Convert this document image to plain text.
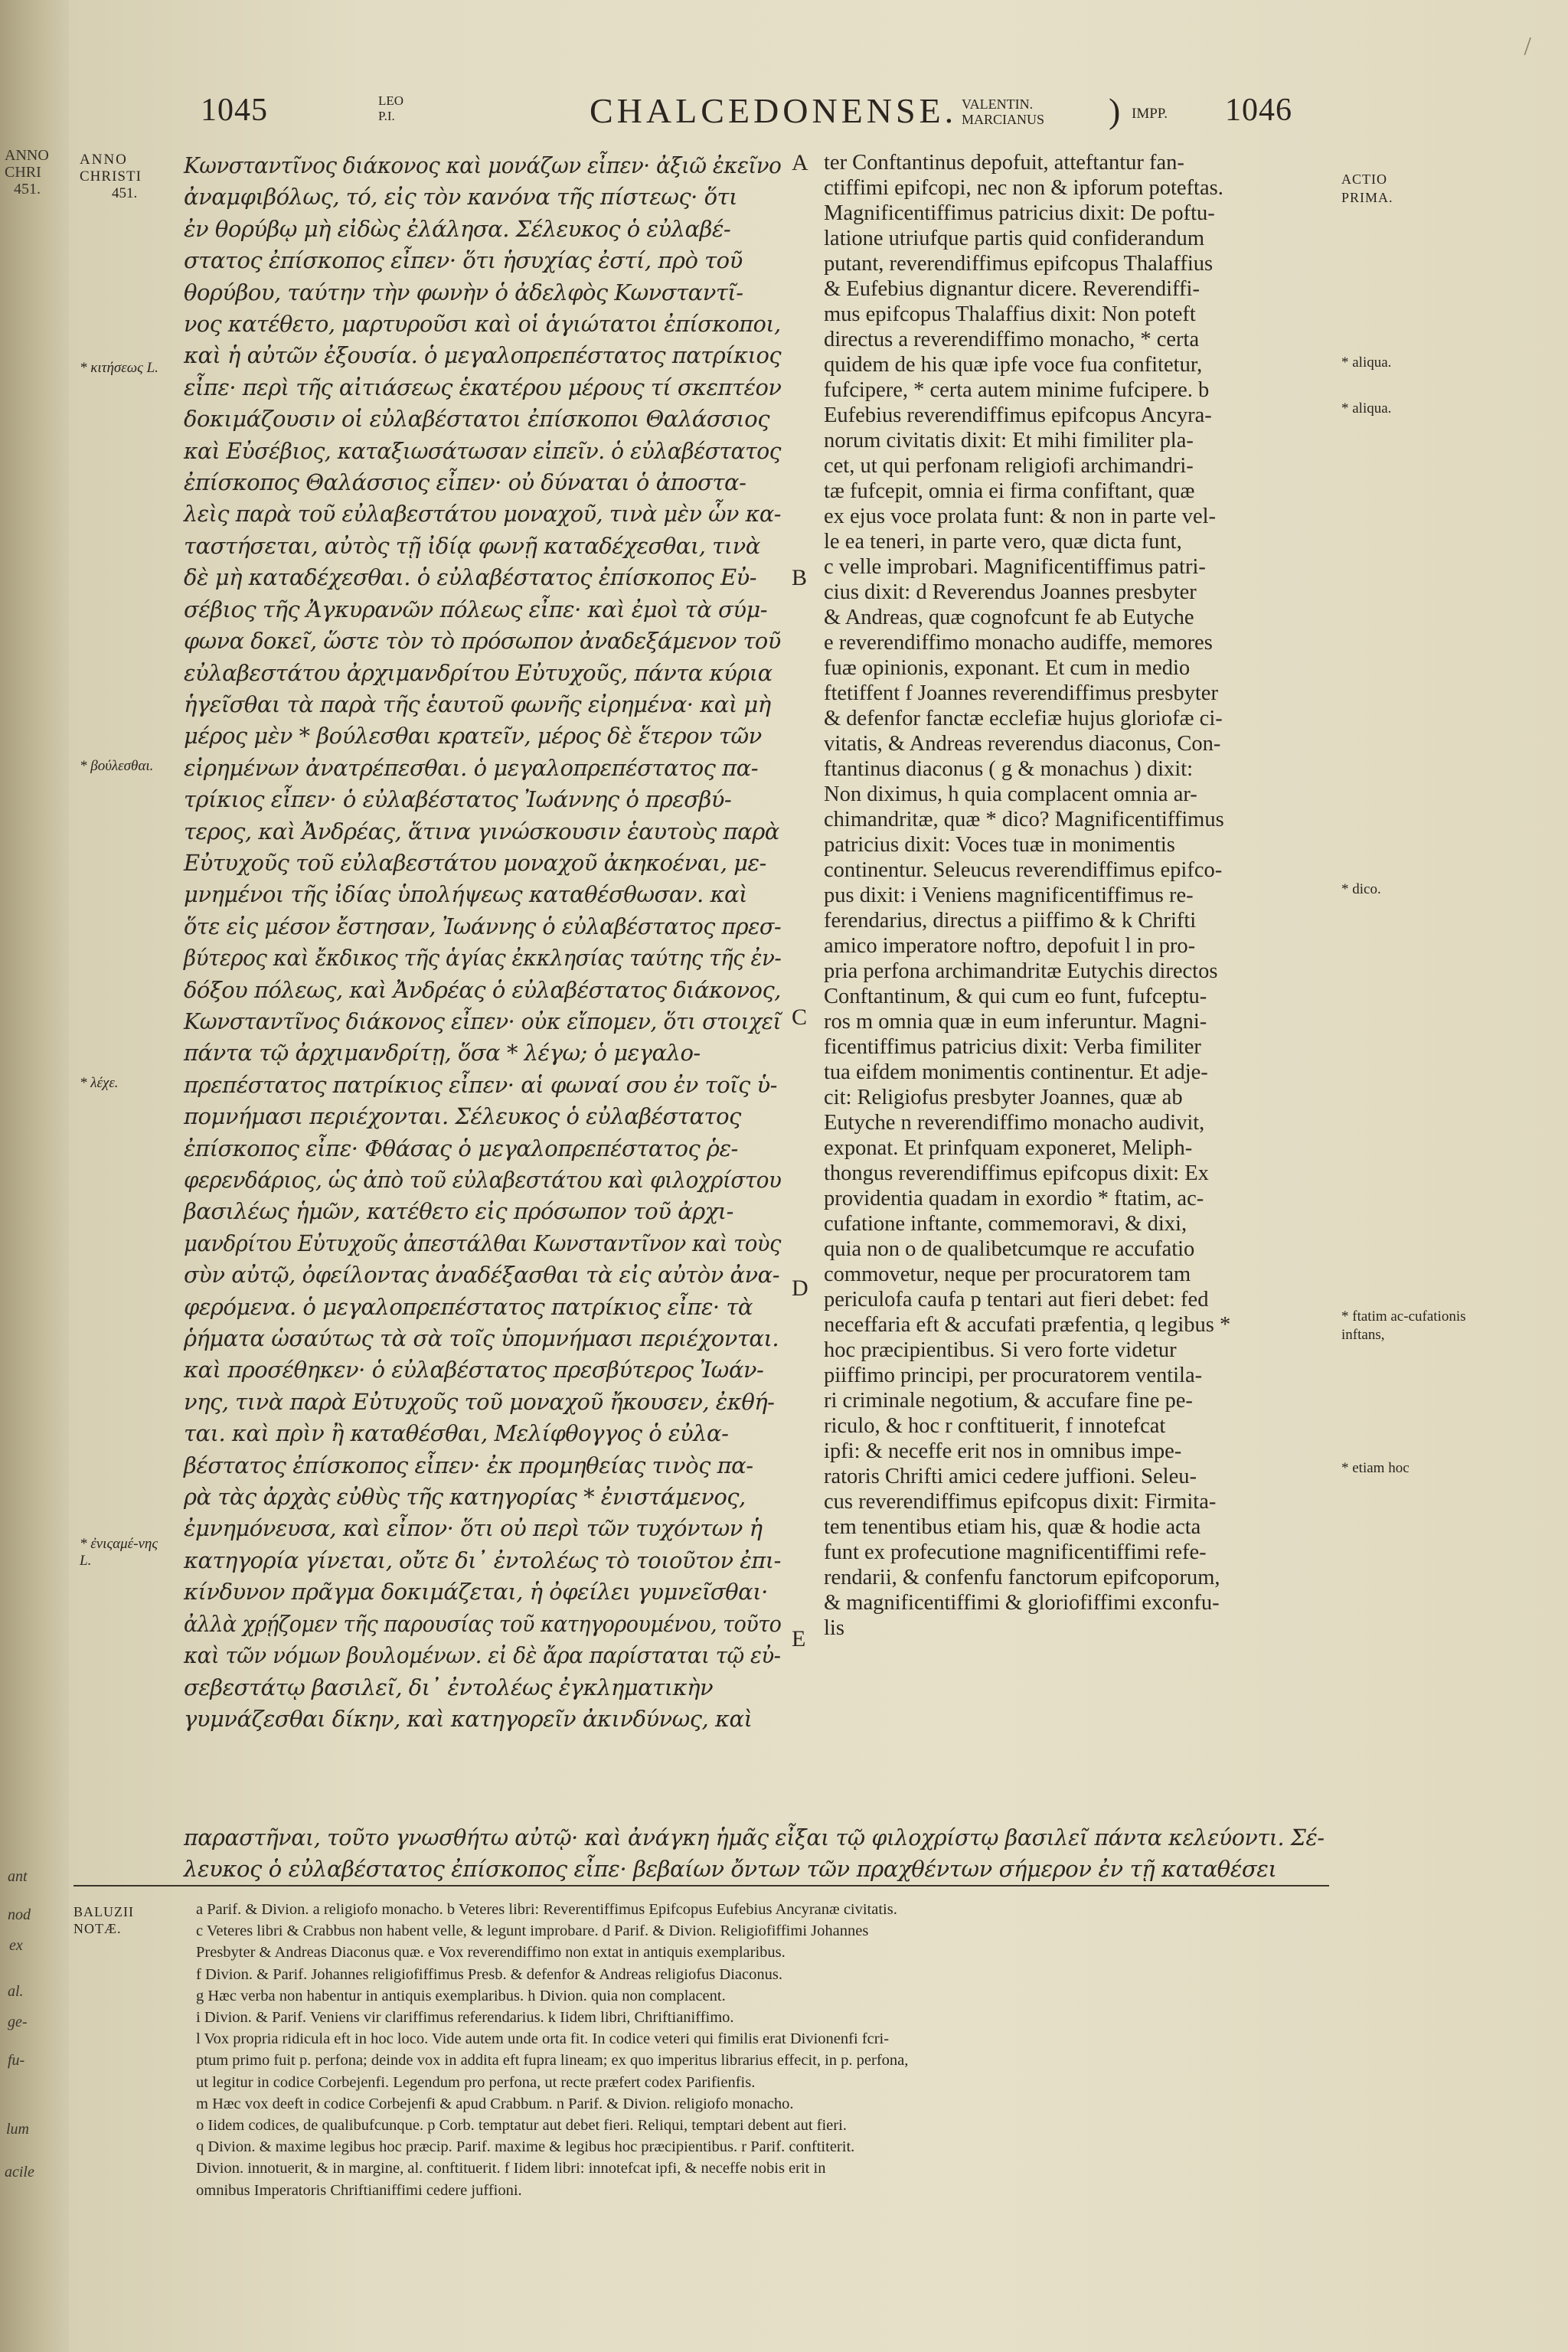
ANNO
CHRI
451.
ant
nod
ex
al.
ge-
fu-
lum
acile
/
1045	LEO
P.I.	CHALCEDONENSE. VALENTIN.
MARCIANUS ) IMPP. 1046
ANNO
CHRISTI
451.
* κιτήσεως L.
* βούλεσθαι.
* λέχε.
* ἐνιςαμέ-νης L.
ACTIO
PRIMA.
* aliqua.
* aliqua.
* dico.
* ftatim ac-cufationis inftans,
* etiam hoc
A
B
C
D
E

Κωνσταντῖνος διάκονος καὶ μονάζων εἶπεν· ἀξιῶ ἐκεῖνο

ἀναμφιβόλως, τό, εἰς τὸν κανόνα τῆς πίστεως· ὅτι

ἐν θορύβῳ μὴ εἰδὼς ἐλάλησα. Σέλευκος ὁ εὐλαβέ-

στατος ἐπίσκοπος εἶπεν· ὅτι ἡσυχίας ἐστί, πρὸ τοῦ

θορύβου, ταύτην τὴν φωνὴν ὁ ἀδελφὸς Κωνσταντῖ-

νος κατέθετο, μαρτυροῦσι καὶ οἱ ἁγιώτατοι ἐπίσκοποι,

καὶ ἡ αὐτῶν ἐξουσία. ὁ μεγαλοπρεπέστατος πατρίκιος

εἶπε· περὶ τῆς αἰτιάσεως ἑκατέρου μέρους τί σκεπτέον

δοκιμάζουσιν οἱ εὐλαβέστατοι ἐπίσκοποι Θαλάσσιος

καὶ Εὐσέβιος, καταξιωσάτωσαν εἰπεῖν. ὁ εὐλαβέστατος

ἐπίσκοπος Θαλάσσιος εἶπεν· οὐ δύναται ὁ ἀποστα-

λεὶς παρὰ τοῦ εὐλαβεστάτου μοναχοῦ, τινὰ μὲν ὧν κα-

ταστήσεται, αὐτὸς τῇ ἰδίᾳ φωνῇ καταδέχεσθαι, τινὰ

δὲ μὴ καταδέχεσθαι. ὁ εὐλαβέστατος ἐπίσκοπος Εὐ-

σέβιος τῆς Ἀγκυρανῶν πόλεως εἶπε· καὶ ἐμοὶ τὰ σύμ-

φωνα δοκεῖ, ὥστε τὸν τὸ πρόσωπον ἀναδεξάμενον τοῦ

εὐλαβεστάτου ἀρχιμανδρίτου Εὐτυχοῦς, πάντα κύρια

ἡγεῖσθαι τὰ παρὰ τῆς ἑαυτοῦ φωνῆς εἰρημένα· καὶ μὴ

μέρος μὲν * βούλεσθαι κρατεῖν, μέρος δὲ ἕτερον τῶν

εἰρημένων ἀνατρέπεσθαι. ὁ μεγαλοπρεπέστατος πα-

τρίκιος εἶπεν· ὁ εὐλαβέστατος Ἰωάννης ὁ πρεσβύ-

τερος, καὶ Ἀνδρέας, ἅτινα γινώσκουσιν ἑαυτοὺς παρὰ

Εὐτυχοῦς τοῦ εὐλαβεστάτου μοναχοῦ ἀκηκοέναι, με-

μνημένοι τῆς ἰδίας ὑπολήψεως καταθέσθωσαν. καὶ

ὅτε εἰς μέσον ἔστησαν, Ἰωάννης ὁ εὐλαβέστατος πρεσ-

βύτερος καὶ ἔκδικος τῆς ἁγίας ἐκκλησίας ταύτης τῆς ἐν-

δόξου πόλεως, καὶ Ἀνδρέας ὁ εὐλαβέστατος διάκονος,

Κωνσταντῖνος διάκονος εἶπεν· οὐκ εἴπομεν, ὅτι στοιχεῖ

πάντα τῷ ἀρχιμανδρίτῃ, ὅσα * λέγω; ὁ μεγαλο-

πρεπέστατος πατρίκιος εἶπεν· αἱ φωναί σου ἐν τοῖς ὑ-

πομνήμασι περιέχονται. Σέλευκος ὁ εὐλαβέστατος

ἐπίσκοπος εἶπε· Φθάσας ὁ μεγαλοπρεπέστατος ῥε-

φερενδάριος, ὡς ἀπὸ τοῦ εὐλαβεστάτου καὶ φιλοχρίστου

βασιλέως ἡμῶν, κατέθετο εἰς πρόσωπον τοῦ ἀρχι-

μανδρίτου Εὐτυχοῦς ἀπεστάλθαι Κωνσταντῖνον καὶ τοὺς

σὺν αὐτῷ, ὀφείλοντας ἀναδέξασθαι τὰ εἰς αὐτὸν ἀνα-

φερόμενα. ὁ μεγαλοπρεπέστατος πατρίκιος εἶπε· τὰ

ῥήματα ὡσαύτως τὰ σὰ τοῖς ὑπομνήμασι περιέχονται.

καὶ προσέθηκεν· ὁ εὐλαβέστατος πρεσβύτερος Ἰωάν-

νης, τινὰ παρὰ Εὐτυχοῦς τοῦ μοναχοῦ ἤκουσεν, ἐκθή-

ται. καὶ πρὶν ἢ καταθέσθαι, Μελίφθογγος ὁ εὐλα-

βέστατος ἐπίσκοπος εἶπεν· ἐκ προμηθείας τινὸς πα-

ρὰ τὰς ἀρχὰς εὐθὺς τῆς κατηγορίας * ἐνιστάμενος,

ἐμνημόνευσα, καὶ εἶπον· ὅτι οὐ περὶ τῶν τυχόντων ἡ

κατηγορία γίνεται, οὔτε δι᾽ ἐντολέως τὸ τοιοῦτον ἐπι-

κίνδυνον πρᾶγμα δοκιμάζεται, ἡ ὀφείλει γυμνεῖσθαι·

ἀλλὰ χρῄζομεν τῆς παρουσίας τοῦ κατηγορουμένου, τοῦτο

καὶ τῶν νόμων βουλομένων. εἰ δὲ ἄρα παρίσταται τῷ εὐ-

σεβεστάτῳ βασιλεῖ, δι᾽ ἐντολέως ἐγκληματικὴν

γυμνάζεσθαι δίκην, καὶ κατηγορεῖν ἀκινδύνως, καὶ

ter Conftantinus depofuit, atteftantur fan-

ctiffimi epifcopi, nec non & ipforum poteftas.

Magnificentiffimus patricius dixit: De poftu-

latione utriufque partis quid confiderandum

putant, reverendiffimus epifcopus Thalaffius

& Eufebius dignantur dicere. Reverendiffi-

mus epifcopus Thalaffius dixit: Non poteft

directus a reverendiffimo monacho, * certa

quidem de his quæ ipfe voce fua confitetur,

fufcipere, * certa autem minime fufcipere. b

Eufebius reverendiffimus epifcopus Ancyra-

norum civitatis dixit: Et mihi fimiliter pla-

cet, ut qui perfonam religiofi archimandri-

tæ fufcepit, omnia ei firma confiftant, quæ

ex ejus voce prolata funt: & non in parte vel-

le ea teneri, in parte vero, quæ dicta funt,

c velle improbari. Magnificentiffimus patri-

cius dixit: d Reverendus Joannes presbyter

& Andreas, quæ cognofcunt fe ab Eutyche

e reverendiffimo monacho audiffe, memores

fuæ opinionis, exponant. Et cum in medio

ftetiffent f Joannes reverendiffimus presbyter

& defenfor fanctæ ecclefiæ hujus gloriofæ ci-

vitatis, & Andreas reverendus diaconus, Con-

ftantinus diaconus ( g & monachus ) dixit:

Non diximus, h quia complacent omnia ar-

chimandritæ, quæ * dico? Magnificentiffimus

patricius dixit: Voces tuæ in monimentis

continentur. Seleucus reverendiffimus epifco-

pus dixit: i Veniens magnificentiffimus re-

ferendarius, directus a piiffimo & k Chrifti

amico imperatore noftro, depofuit l in pro-

pria perfona archimandritæ Eutychis directos

Conftantinum, & qui cum eo funt, fufceptu-

ros m omnia quæ in eum inferuntur. Magni-

ficentiffimus patricius dixit: Verba fimiliter

tua eifdem monimentis continentur. Et adje-

cit: Religiofus presbyter Joannes, quæ ab

Eutyche n reverendiffimo monacho audivit,

exponat. Et prinfquam exponeret, Meliph-

thongus reverendiffimus epifcopus dixit: Ex

providentia quadam in exordio * ftatim, ac-

cufatione inftante, commemoravi, & dixi,

quia non o de qualibetcumque re accufatio

commovetur, neque per procuratorem tam

periculofa caufa p tentari aut fieri debet: fed

neceffaria eft & accufati præfentia, q legibus *

hoc præcipientibus. Si vero forte videtur

piiffimo principi, per procuratorem ventila-

ri criminale negotium, & accufare fine pe-

riculo, & hoc r conftituerit, f innotefcat

ipfi: & neceffe erit nos in omnibus impe-

ratoris Chrifti amici cedere juffioni. Seleu-

cus reverendiffimus epifcopus dixit: Firmita-

tem tenentibus etiam his, quæ & hodie acta

funt ex profecutione magnificentiffimi refe-

rendarii, & confenfu fanctorum epifcoporum,

& magnificentiffimi & gloriofiffimi exconfu-

lis

παραστῆναι, τοῦτο γνωσθήτω αὐτῷ· καὶ ἀνάγκη ἡμᾶς εἶξαι τῷ φιλοχρίστῳ βασιλεῖ πάντα κελεύοντι. Σέ-

λευκος ὁ εὐλαβέστατος ἐπίσκοπος εἶπε· βεβαίων ὄντων τῶν πραχθέντων σήμερον ἐν τῇ καταθέσει

BALUZII
NOTÆ.

a Parif. & Divion. a religiofo monacho. b Veteres libri: Reverentiffimus Epifcopus Eufebius Ancyranæ civitatis.

c Veteres libri & Crabbus non habent velle, & legunt improbare. d Parif. & Divion. Religiofiffimi Johannes

Presbyter & Andreas Diaconus quæ. e Vox reverendiffimo non extat in antiquis exemplaribus.

f Divion. & Parif. Johannes religiofiffimus Presb. & defenfor & Andreas religiofus Diaconus.

g Hæc verba non habentur in antiquis exemplaribus. h Divion. quia non complacent.

i Divion. & Parif. Veniens vir clariffimus referendarius. k Iidem libri, Chriftianiffimo.

l Vox propria ridicula eft in hoc loco. Vide autem unde orta fit. In codice veteri qui fimilis erat Divionenfi fcri-

ptum primo fuit p. perfona; deinde vox in addita eft fupra lineam; ex quo imperitus librarius effecit, in p. perfona,

ut legitur in codice Corbejenfi. Legendum pro perfona, ut recte præfert codex Parifienfis.

m Hæc vox deeft in codice Corbejenfi & apud Crabbum. n Parif. & Divion. religiofo monacho.

o Iidem codices, de qualibufcunque. p Corb. temptatur aut debet fieri. Reliqui, temptari debent aut fieri.

q Divion. & maxime legibus hoc præcip. Parif. maxime & legibus hoc præcipientibus. r Parif. conftiterit.

Divion. innotuerit, & in margine, al. conftituerit. f Iidem libri: innotefcat ipfi, & neceffe nobis erit in

omnibus Imperatoris Chriftianiffimi cedere juffioni.
